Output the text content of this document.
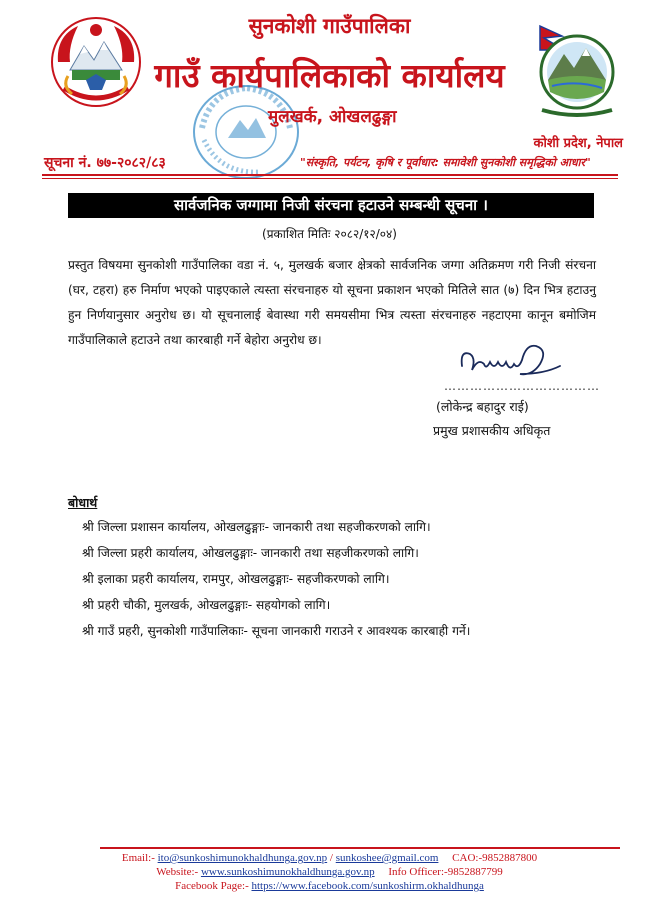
सुनकोशी गाउँपालिका
गाउँ कार्यपालिकाको कार्यालय
मुलखर्क, ओखलढुङ्गा
कोशी प्रदेश, नेपाल
सूचना नं. ७७-२०८२/८३	"संस्कृति, पर्यटन, कृषि र पूर्वाधार: समावेशी सुनकोशी समृद्धिको आधार"
सार्वजनिक जग्गामा निजी संरचना हटाउने सम्बन्धी सूचना ।
(प्रकाशित मितिः २०८२/१२/०४)
प्रस्तुत विषयमा सुनकोशी गाउँपालिका वडा नं. ५, मुलखर्क बजार क्षेत्रको सार्वजनिक जग्गा अतिक्रमण गरी निजी संरचना (घर, टहरा) हरु निर्माण भएको पाइएकाले त्यस्ता संरचनाहरु यो सूचना प्रकाशन भएको मितिले सात (७) दिन भित्र हटाउनु हुन निर्णयानुसार अनुरोध छ। यो सूचनालाई बेवास्था गरी समयसीमा भित्र त्यस्ता संरचनाहरु नहटाएमा कानून बमोजिम गाउँपालिकाले हटाउने तथा कारबाही गर्ने बेहोरा अनुरोध छ।
………………………………
(लोकेन्द्र बहादुर राई)
प्रमुख प्रशासकीय अधिकृत
बोधार्थ
श्री जिल्ला प्रशासन कार्यालय, ओखलढुङ्गाः- जानकारी तथा सहजीकरणको लागि।
श्री जिल्ला प्रहरी कार्यालय, ओखलढुङ्गाः- जानकारी तथा सहजीकरणको लागि।
श्री इलाका प्रहरी कार्यालय, रामपुर, ओखलढुङ्गाः- सहजीकरणको लागि।
श्री प्रहरी चौकी, मुलखर्क, ओखलढुङ्गाः- सहयोगको लागि।
श्री गाउँ प्रहरी, सुनकोशी गाउँपालिकाः- सूचना जानकारी गराउने र आवश्यक कारबाही गर्ने।
Email:- ito@sunkoshimunokhaldhunga.gov.np / sunkoshee@gmail.com CAO:-9852887800
Website:- www.sunkoshimunokhaldhunga.gov.np Info Officer:-9852887799
Facebook Page:- https://www.facebook.com/sunkoshirm.okhaldhunga
